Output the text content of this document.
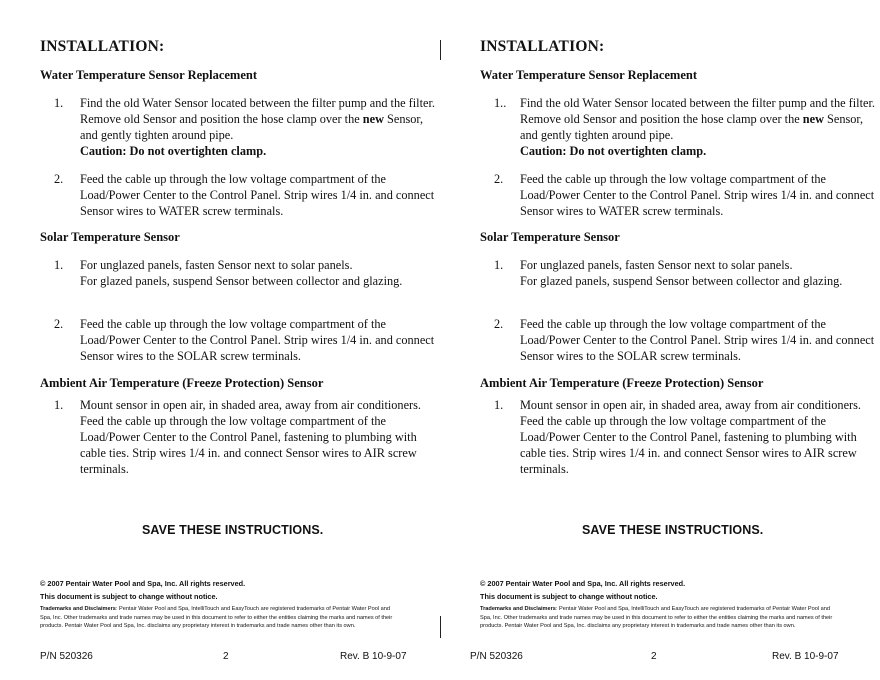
INSTALLATION:
Water Temperature Sensor Replacement
1. Find the old Water Sensor located between the filter pump and the filter. Remove old Sensor and position the hose clamp over the new Sensor, and gently tighten around pipe.
Caution: Do not overtighten clamp.
2. Feed the cable up through the low voltage compartment of the Load/Power Center to the Control Panel. Strip wires 1/4 in. and connect Sensor wires to WATER screw terminals.
Solar Temperature Sensor
1. For unglazed panels, fasten Sensor next to solar panels.
For glazed panels, suspend Sensor between collector and glazing.
2. Feed the cable up through the low voltage compartment of the Load/Power Center to the Control Panel. Strip wires 1/4 in. and connect Sensor wires to the SOLAR screw terminals.
Ambient Air Temperature (Freeze Protection) Sensor
1. Mount sensor in open air, in shaded area, away from air conditioners. Feed the cable up through the low voltage compartment of the Load/Power Center to the Control Panel, fastening to plumbing with cable ties. Strip wires 1/4 in. and connect Sensor wires to AIR screw terminals.
SAVE THESE INSTRUCTIONS.
© 2007 Pentair Water Pool and Spa, Inc. All rights reserved.
This document is subject to change without notice.
Trademarks and Disclaimers: Pentair Water Pool and Spa, IntelliTouch and EasyTouch are registered trademarks of Pentair Water Pool and Spa, Inc. Other trademarks and trade names may be used in this document to refer to either the entities claiming the marks and names of their products. Pentair Water Pool and Spa, Inc. disclaims any proprietary interest in trademarks and trade names other than its own.
P/N 520326	2	Rev. B 10-9-07
INSTALLATION:
Water Temperature Sensor Replacement
1.. Find the old Water Sensor located between the filter pump and the filter. Remove old Sensor and position the hose clamp over the new Sensor, and gently tighten around pipe.
Caution: Do not overtighten clamp.
2. Feed the cable up through the low voltage compartment of the Load/Power Center to the Control Panel. Strip wires 1/4 in. and connect Sensor wires to WATER screw terminals.
Solar Temperature Sensor
1. For unglazed panels, fasten Sensor next to solar panels.
For glazed panels, suspend Sensor between collector and glazing.
2. Feed the cable up through the low voltage compartment of the Load/Power Center to the Control Panel. Strip wires 1/4 in. and connect Sensor wires to the SOLAR screw terminals.
Ambient Air Temperature (Freeze Protection) Sensor
1. Mount sensor in open air, in shaded area, away from air conditioners. Feed the cable up through the low voltage compartment of the Load/Power Center to the Control Panel, fastening to plumbing with cable ties. Strip wires 1/4 in. and connect Sensor wires to AIR screw terminals.
SAVE THESE INSTRUCTIONS.
© 2007 Pentair Water Pool and Spa, Inc. All rights reserved.
This document is subject to change without notice.
Trademarks and Disclaimers: Pentair Water Pool and Spa, IntelliTouch and EasyTouch are registered trademarks of Pentair Water Pool and Spa, Inc. Other trademarks and trade names may be used in this document to refer to either the entities claiming the marks and names of their products. Pentair Water Pool and Spa, Inc. disclaims any proprietary interest in trademarks and trade names other than its own.
P/N 520326	2	Rev. B 10-9-07
